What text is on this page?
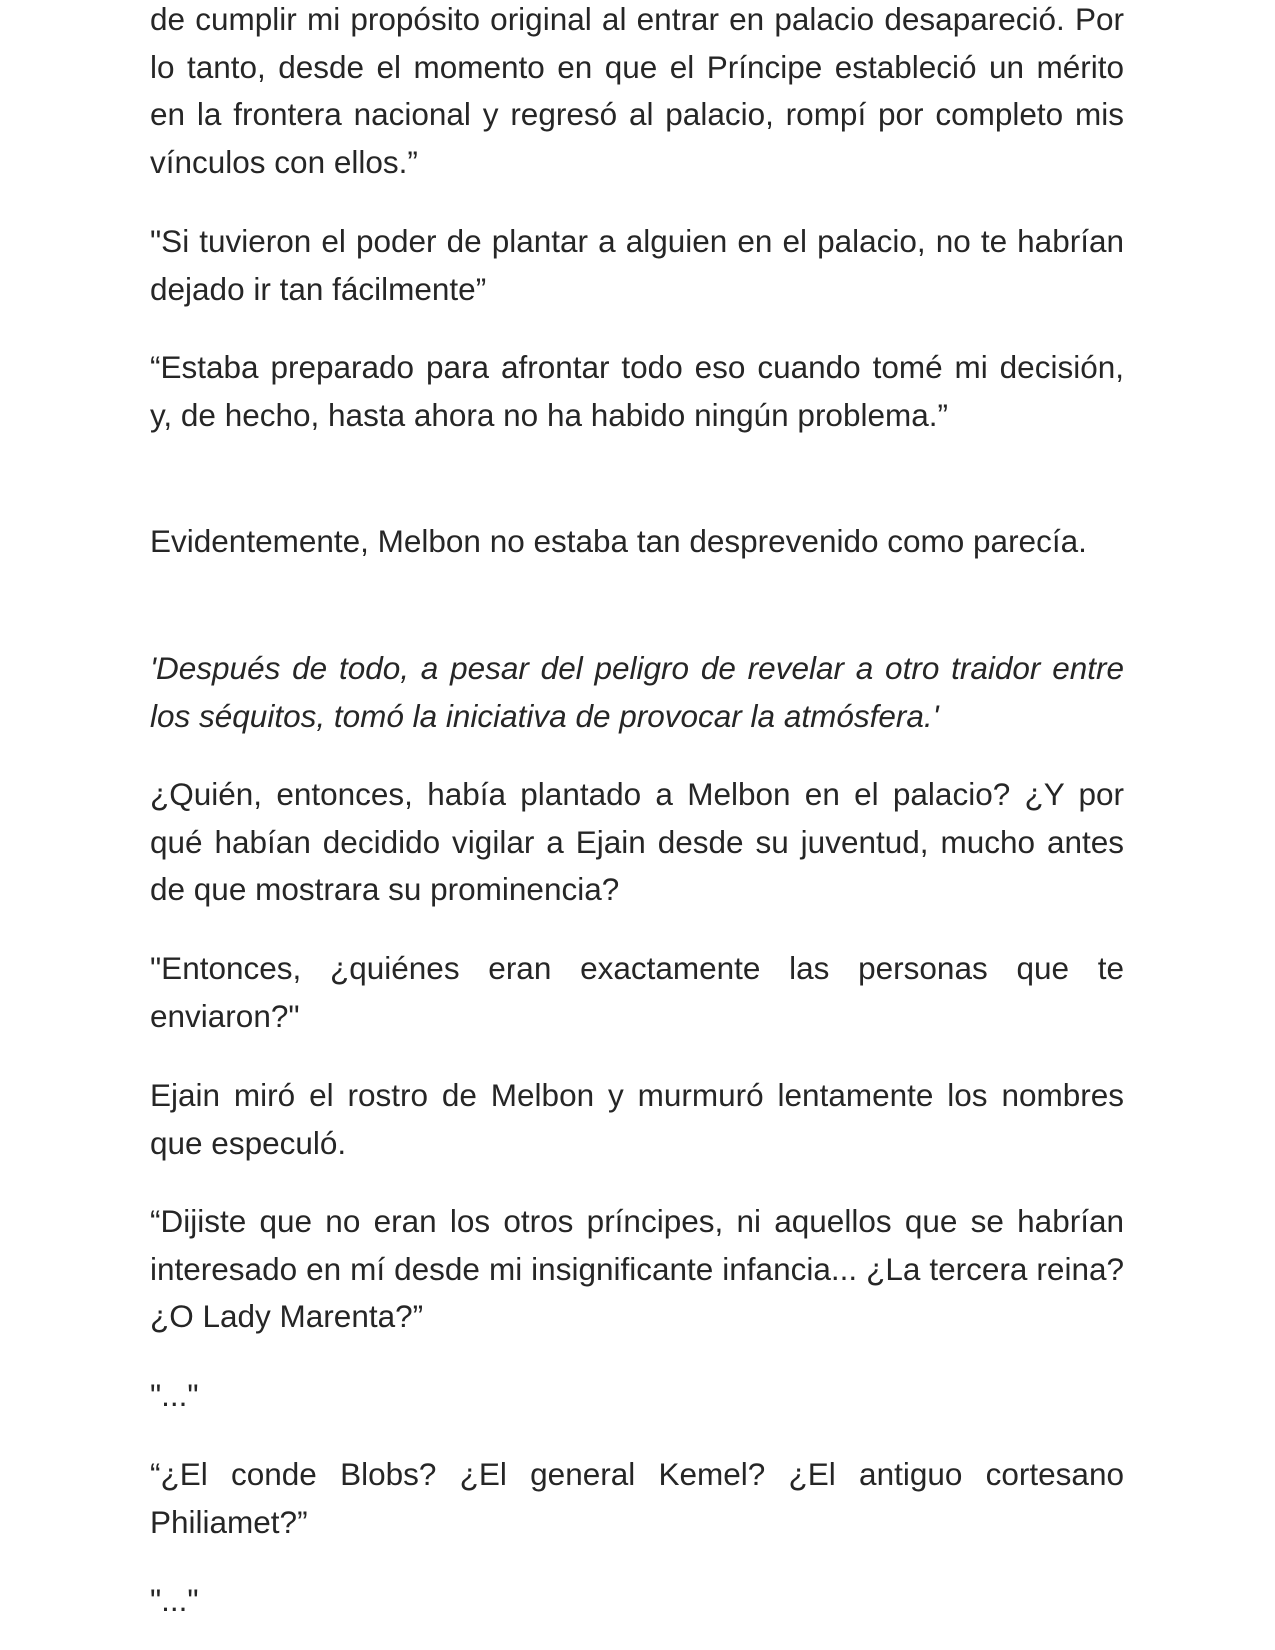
de cumplir mi propósito original al entrar en palacio desapareció. Por lo tanto, desde el momento en que el Príncipe estableció un mérito en la frontera nacional y regresó al palacio, rompí por completo mis vínculos con ellos.”

"Si tuvieron el poder de plantar a alguien en el palacio, no te habrían dejado ir tan fácilmente”

“Estaba preparado para afrontar todo eso cuando tomé mi decisión, y, de hecho, hasta ahora no ha habido ningún problema.”

Evidentemente, Melbon no estaba tan desprevenido como parecía.

'Después de todo, a pesar del peligro de revelar a otro traidor entre los séquitos, tomó la iniciativa de provocar la atmósfera.'

¿Quién, entonces, había plantado a Melbon en el palacio? ¿Y por qué habían decidido vigilar a Ejain desde su juventud, mucho antes de que mostrara su prominencia?

"Entonces, ¿quiénes eran exactamente las personas que te enviaron?"

Ejain miró el rostro de Melbon y murmuró lentamente los nombres que especuló.

“Dijiste que no eran los otros príncipes, ni aquellos que se habrían interesado en mí desde mi insignificante infancia... ¿La tercera reina? ¿O Lady Marenta?”

"..."

“¿El conde Blobs? ¿El general Kemel? ¿El antiguo cortesano Philiamet?”

"..."
